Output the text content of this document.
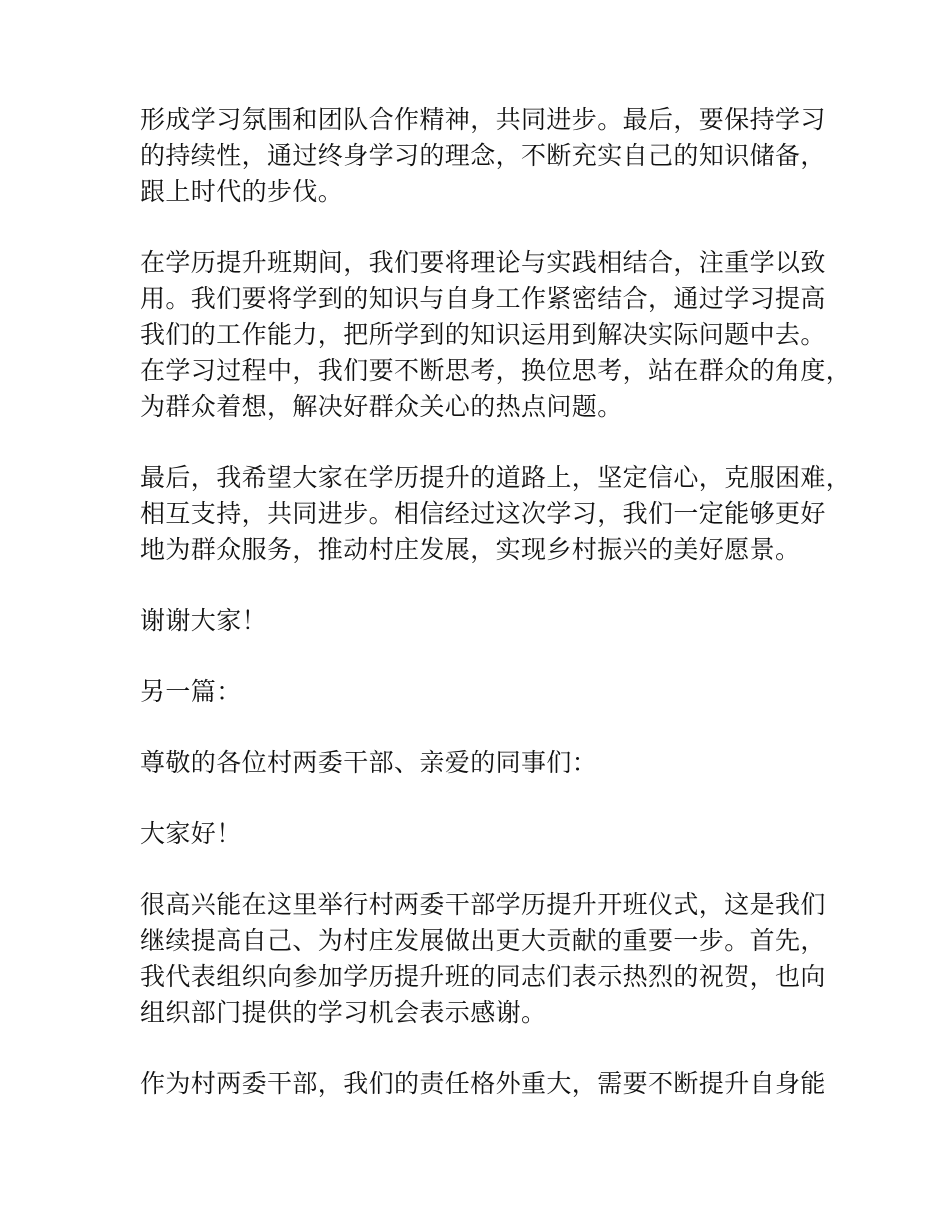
形成学习氛围和团队合作精神，共同进步。最后，要保持学习

的持续性，通过终身学习的理念，不断充实自己的知识储备，

跟上时代的步伐。

在学历提升班期间，我们要将理论与实践相结合，注重学以致

用。我们要将学到的知识与自身工作紧密结合，通过学习提高

我们的工作能力，把所学到的知识运用到解决实际问题中去。

在学习过程中，我们要不断思考，换位思考，站在群众的角度，

为群众着想，解决好群众关心的热点问题。

最后，我希望大家在学历提升的道路上，坚定信心，克服困难，

相互支持，共同进步。相信经过这次学习，我们一定能够更好

地为群众服务，推动村庄发展，实现乡村振兴的美好愿景。

谢谢大家！

另一篇：

尊敬的各位村两委干部、亲爱的同事们：

大家好！

很高兴能在这里举行村两委干部学历提升开班仪式，这是我们

继续提高自己、为村庄发展做出更大贡献的重要一步。首先，

我代表组织向参加学历提升班的同志们表示热烈的祝贺，也向

组织部门提供的学习机会表示感谢。

作为村两委干部，我们的责任格外重大，需要不断提升自身能
